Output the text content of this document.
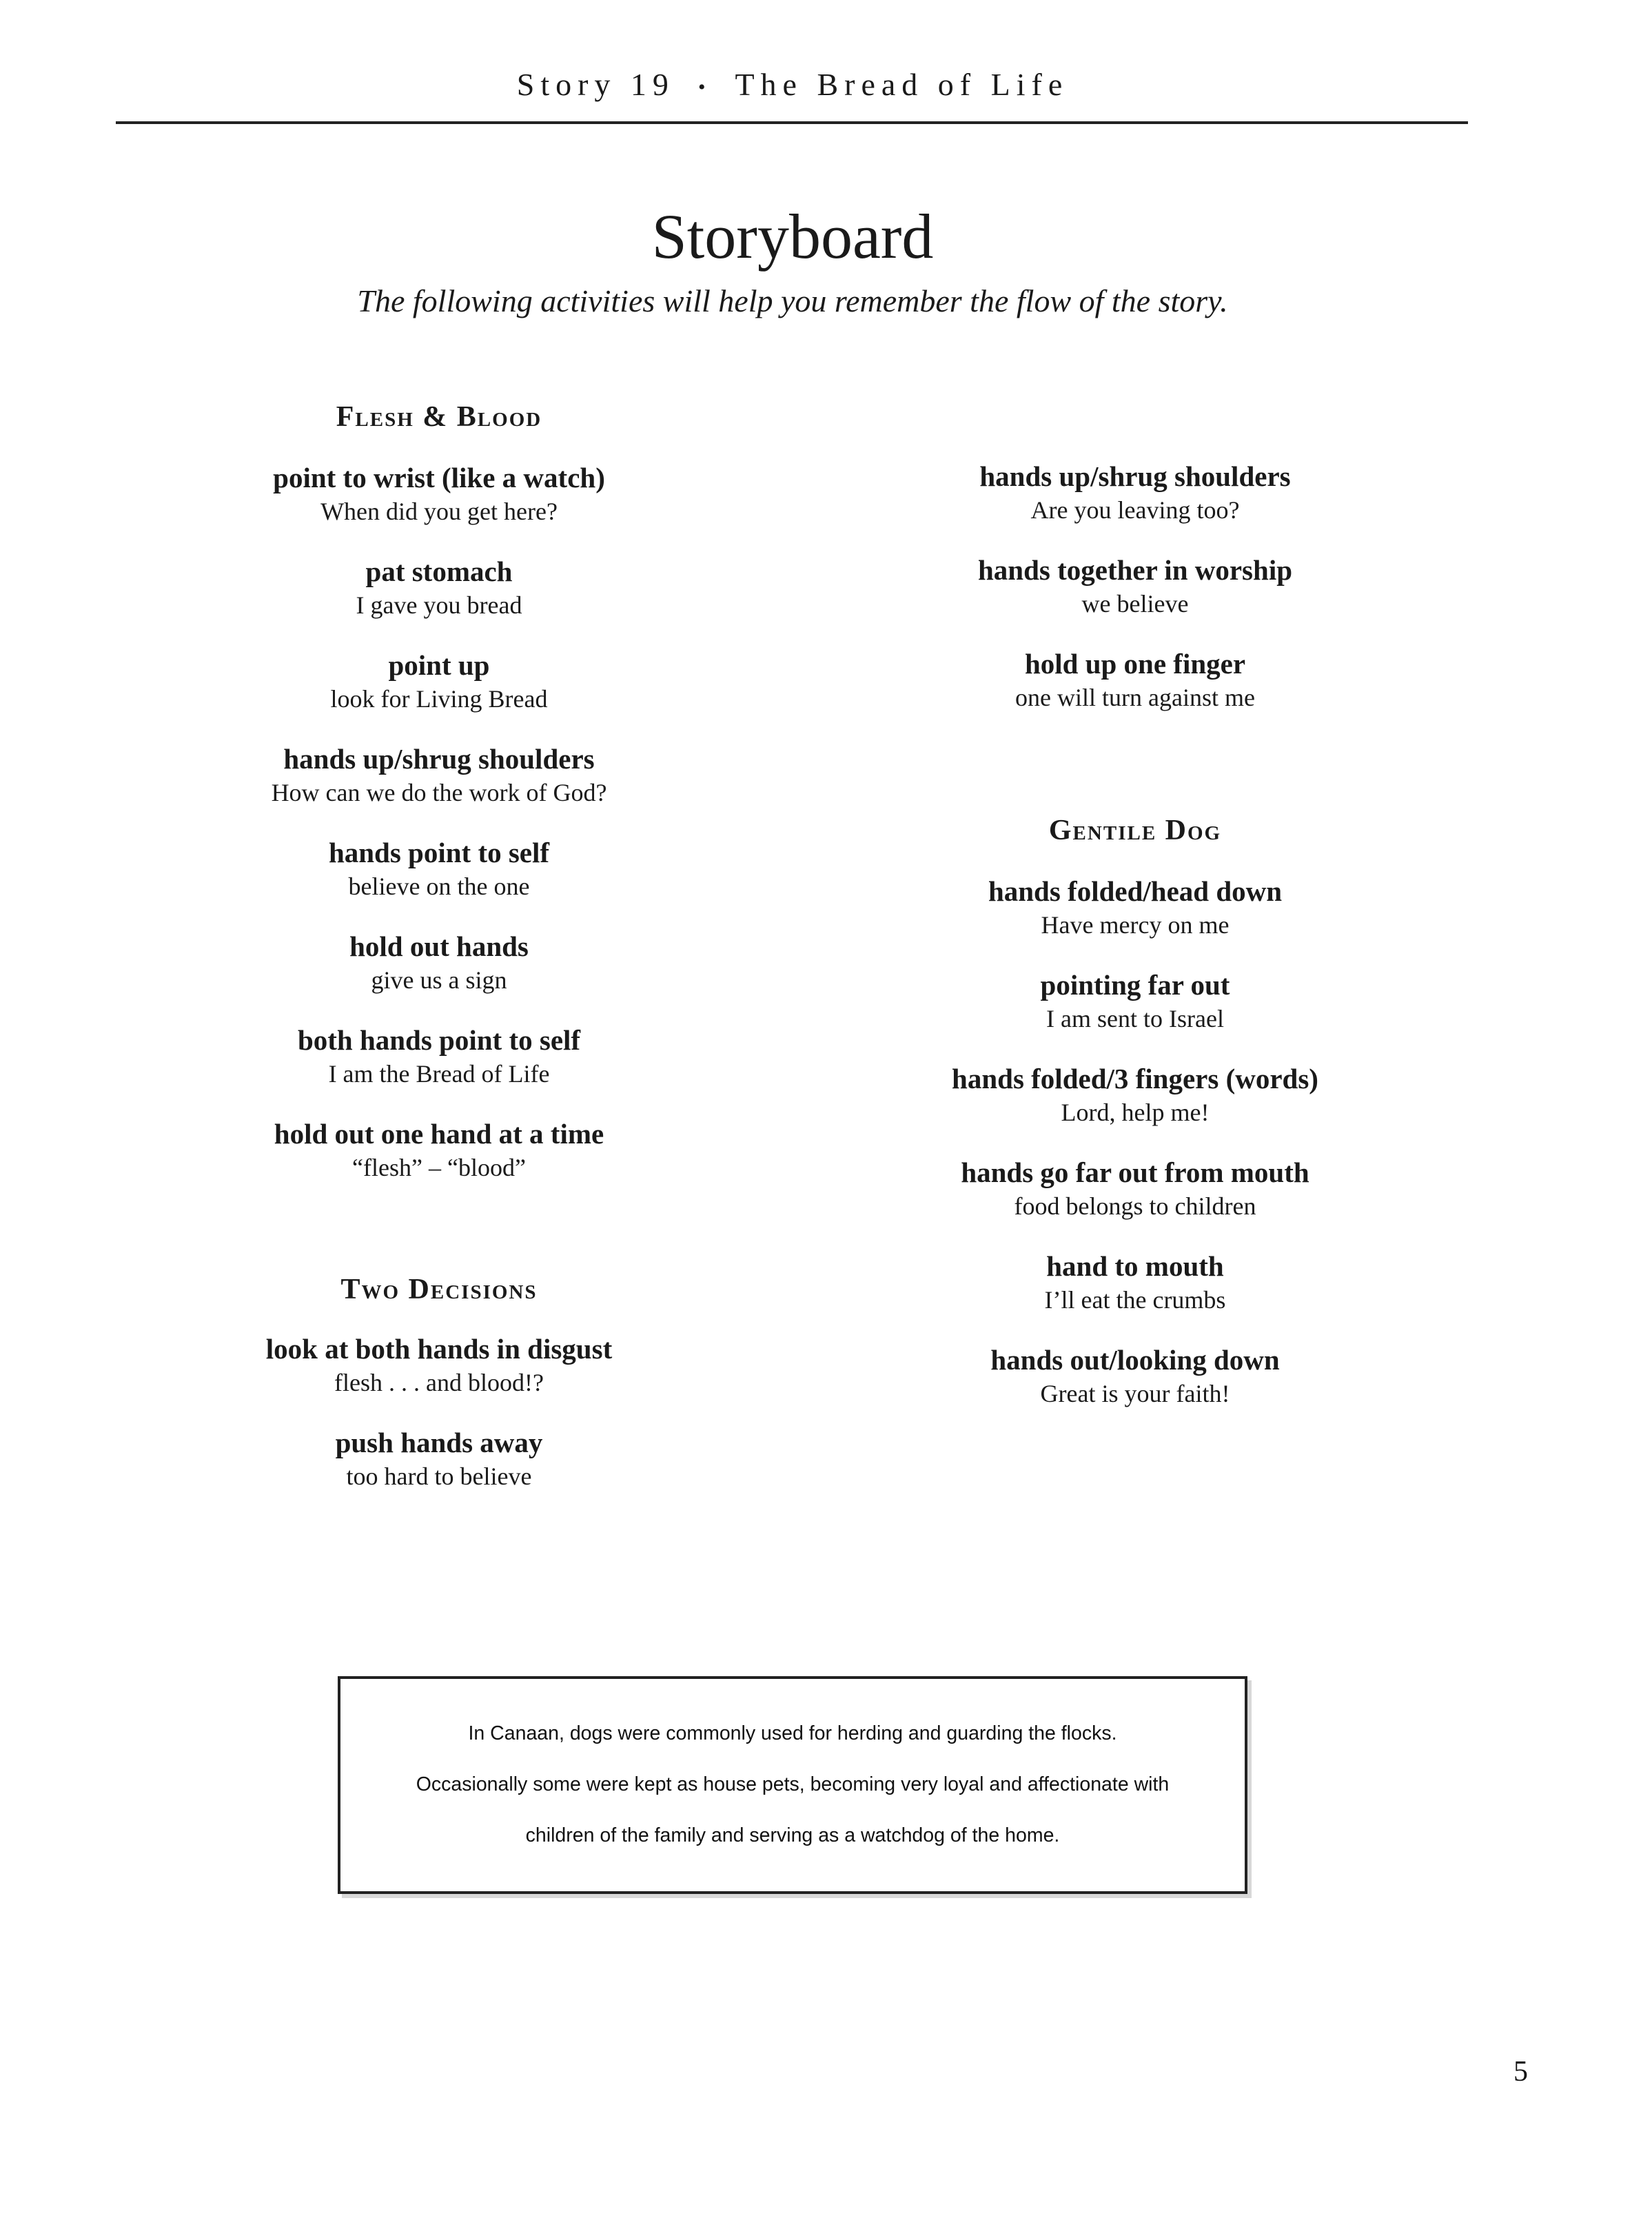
Story 19 • The Bread of Life
Storyboard
The following activities will help you remember the flow of the story.
Flesh & Blood
point to wrist (like a watch)
When did you get here?
pat stomach
I gave you bread
point up
look for Living Bread
hands up/shrug shoulders
How can we do the work of God?
hands point to self
believe on the one
hold out hands
give us a sign
both hands point to self
I am the Bread of Life
hold out one hand at a time
“flesh” – “blood”
Two Decisions
look at both hands in disgust
flesh . . . and blood!?
push hands away
too hard to believe
hands up/shrug shoulders
Are you leaving too?
hands together in worship
we believe
hold up one finger
one will turn against me
Gentile Dog
hands folded/head down
Have mercy on me
pointing far out
I am sent to Israel
hands folded/3 fingers (words)
Lord, help me!
hands go far out from mouth
food belongs to children
hand to mouth
I’ll eat the crumbs
hands out/looking down
Great is your faith!
In Canaan, dogs were commonly used for herding and guarding the flocks.
Occasionally some were kept as house pets, becoming very loyal and affectionate with
children of the family and serving as a watchdog of the home.
5
